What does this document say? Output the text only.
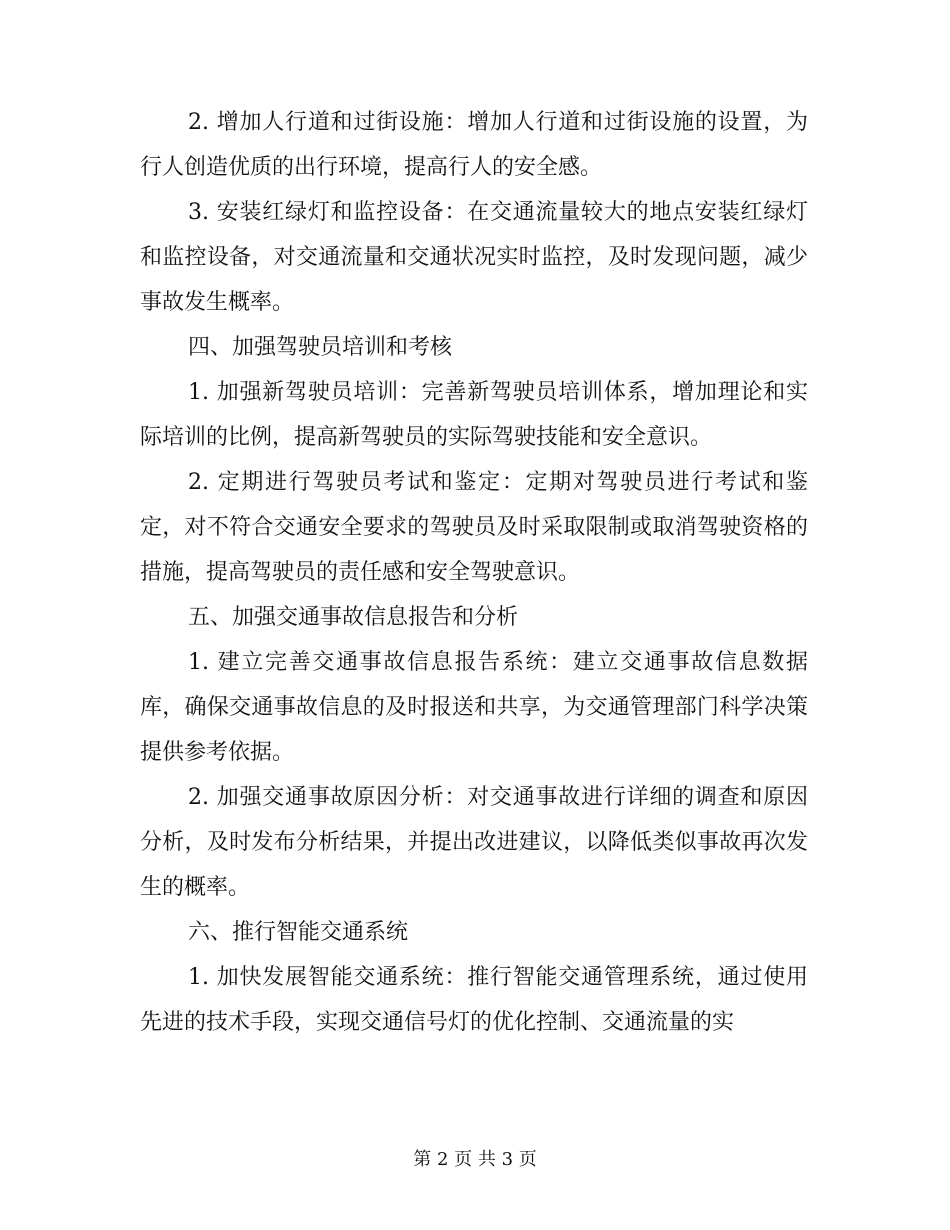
2. 增加人行道和过街设施：增加人行道和过街设施的设置，为行人创造优质的出行环境，提高行人的安全感。

3. 安装红绿灯和监控设备：在交通流量较大的地点安装红绿灯和监控设备，对交通流量和交通状况实时监控，及时发现问题，减少事故发生概率。

四、加强驾驶员培训和考核

1. 加强新驾驶员培训：完善新驾驶员培训体系，增加理论和实际培训的比例，提高新驾驶员的实际驾驶技能和安全意识。

2. 定期进行驾驶员考试和鉴定：定期对驾驶员进行考试和鉴定，对不符合交通安全要求的驾驶员及时采取限制或取消驾驶资格的措施，提高驾驶员的责任感和安全驾驶意识。

五、加强交通事故信息报告和分析

1. 建立完善交通事故信息报告系统：建立交通事故信息数据库，确保交通事故信息的及时报送和共享，为交通管理部门科学决策提供参考依据。

2. 加强交通事故原因分析：对交通事故进行详细的调查和原因分析，及时发布分析结果，并提出改进建议，以降低类似事故再次发生的概率。

六、推行智能交通系统

1. 加快发展智能交通系统：推行智能交通管理系统，通过使用先进的技术手段，实现交通信号灯的优化控制、交通流量的实

第 2 页 共 3 页
